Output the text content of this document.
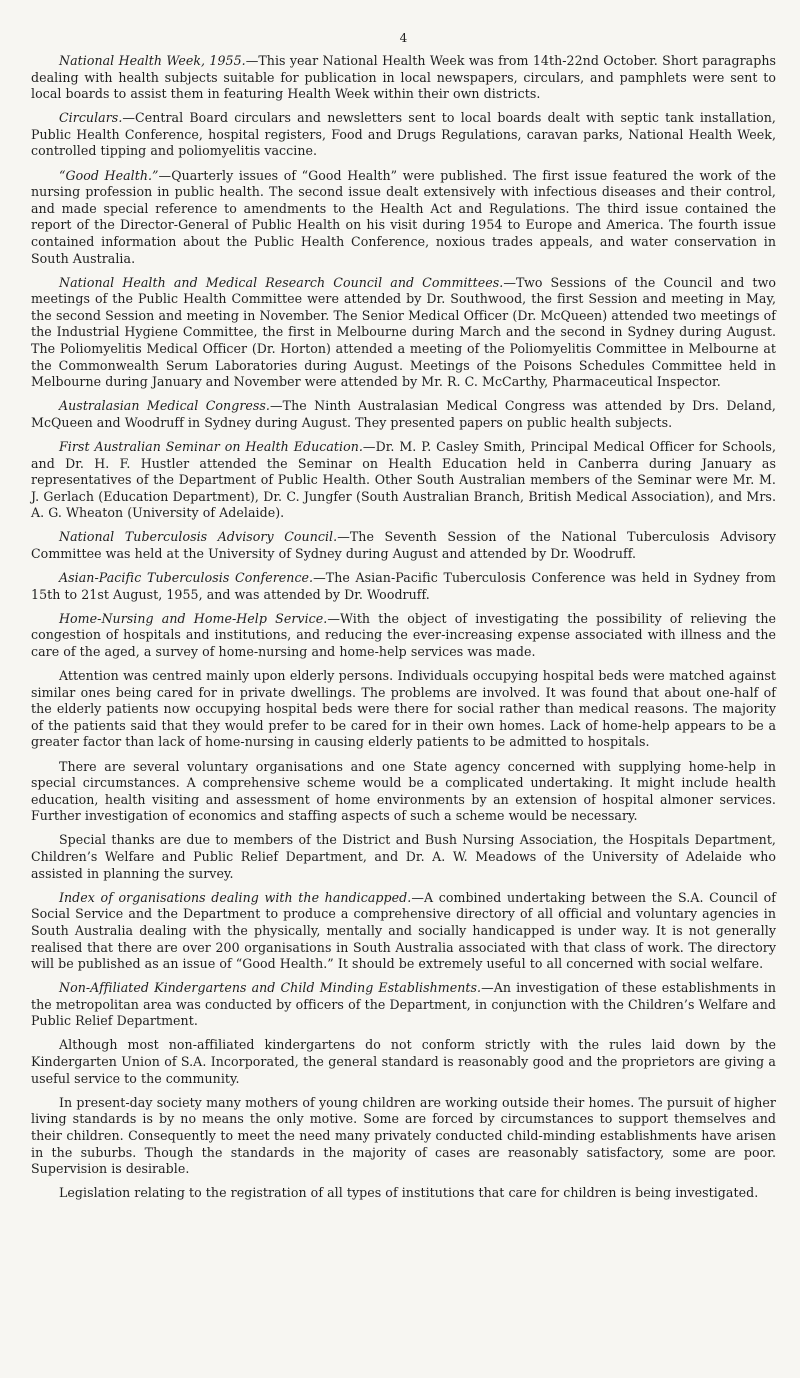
4

National Health Week, 1955.—This year National Health Week was from 14th-22nd October. Short paragraphs dealing with health subjects suitable for publication in local newspapers, circulars, and pamphlets were sent to local boards to assist them in featuring Health Week within their own districts.

Circulars.—Central Board circulars and newsletters sent to local boards dealt with septic tank installation, Public Health Conference, hospital registers, Food and Drugs Regulations, caravan parks, National Health Week, controlled tipping and poliomyelitis vaccine.

“Good Health.”—Quarterly issues of “Good Health” were published. The first issue featured the work of the nursing profession in public health. The second issue dealt extensively with infectious diseases and their control, and made special reference to amendments to the Health Act and Regulations. The third issue contained the report of the Director-General of Public Health on his visit during 1954 to Europe and America. The fourth issue contained information about the Public Health Conference, noxious trades appeals, and water conservation in South Australia.

National Health and Medical Research Council and Committees.—Two Sessions of the Council and two meetings of the Public Health Committee were attended by Dr. Southwood, the first Session and meeting in May, the second Session and meeting in November. The Senior Medical Officer (Dr. McQueen) attended two meetings of the Industrial Hygiene Committee, the first in Melbourne during March and the second in Sydney during August. The Poliomyelitis Medical Officer (Dr. Horton) attended a meeting of the Poliomyelitis Committee in Melbourne at the Commonwealth Serum Laboratories during August. Meetings of the Poisons Schedules Committee held in Melbourne during January and November were attended by Mr. R. C. McCarthy, Pharmaceutical Inspector.

Australasian Medical Congress.—The Ninth Australasian Medical Congress was attended by Drs. Deland, McQueen and Woodruff in Sydney during August. They presented papers on public health subjects.

First Australian Seminar on Health Education.—Dr. M. P. Casley Smith, Principal Medical Officer for Schools, and Dr. H. F. Hustler attended the Seminar on Health Education held in Canberra during January as representatives of the Department of Public Health. Other South Australian members of the Seminar were Mr. M. J. Gerlach (Education Department), Dr. C. Jungfer (South Australian Branch, British Medical Association), and Mrs. A. G. Wheaton (University of Adelaide).

National Tuberculosis Advisory Council.—The Seventh Session of the National Tuberculosis Advisory Committee was held at the University of Sydney during August and attended by Dr. Woodruff.

Asian-Pacific Tuberculosis Conference.—The Asian-Pacific Tuberculosis Conference was held in Sydney from 15th to 21st August, 1955, and was attended by Dr. Woodruff.

Home-Nursing and Home-Help Service.—With the object of investigating the possibility of relieving the congestion of hospitals and institutions, and reducing the ever-increasing expense associated with illness and the care of the aged, a survey of home-nursing and home-help services was made.

Attention was centred mainly upon elderly persons. Individuals occupying hospital beds were matched against similar ones being cared for in private dwellings. The problems are involved. It was found that about one-half of the elderly patients now occupying hospital beds were there for social rather than medical reasons. The majority of the patients said that they would prefer to be cared for in their own homes. Lack of home-help appears to be a greater factor than lack of home-nursing in causing elderly patients to be admitted to hospitals.

There are several voluntary organisations and one State agency concerned with supplying home-help in special circumstances. A comprehensive scheme would be a complicated undertaking. It might include health education, health visiting and assessment of home environments by an extension of hospital almoner services. Further investigation of economics and staffing aspects of such a scheme would be necessary.

Special thanks are due to members of the District and Bush Nursing Association, the Hospitals Department, Children’s Welfare and Public Relief Department, and Dr. A. W. Meadows of the University of Adelaide who assisted in planning the survey.

Index of organisations dealing with the handicapped.—A combined undertaking between the S.A. Council of Social Service and the Department to produce a comprehensive directory of all official and voluntary agencies in South Australia dealing with the physically, mentally and socially handicapped is under way. It is not generally realised that there are over 200 organisations in South Australia associated with that class of work. The directory will be published as an issue of “Good Health.” It should be extremely useful to all concerned with social welfare.

Non-Affiliated Kindergartens and Child Minding Establishments.—An investigation of these establishments in the metropolitan area was conducted by officers of the Department, in conjunction with the Children’s Welfare and Public Relief Department.

Although most non-affiliated kindergartens do not conform strictly with the rules laid down by the Kindergarten Union of S.A. Incorporated, the general standard is reasonably good and the proprietors are giving a useful service to the community.

In present-day society many mothers of young children are working outside their homes. The pursuit of higher living standards is by no means the only motive. Some are forced by circumstances to support themselves and their children. Consequently to meet the need many privately conducted child-minding establishments have arisen in the suburbs. Though the standards in the majority of cases are reasonably satisfactory, some are poor. Supervision is desirable.

Legislation relating to the registration of all types of institutions that care for children is being investigated.
